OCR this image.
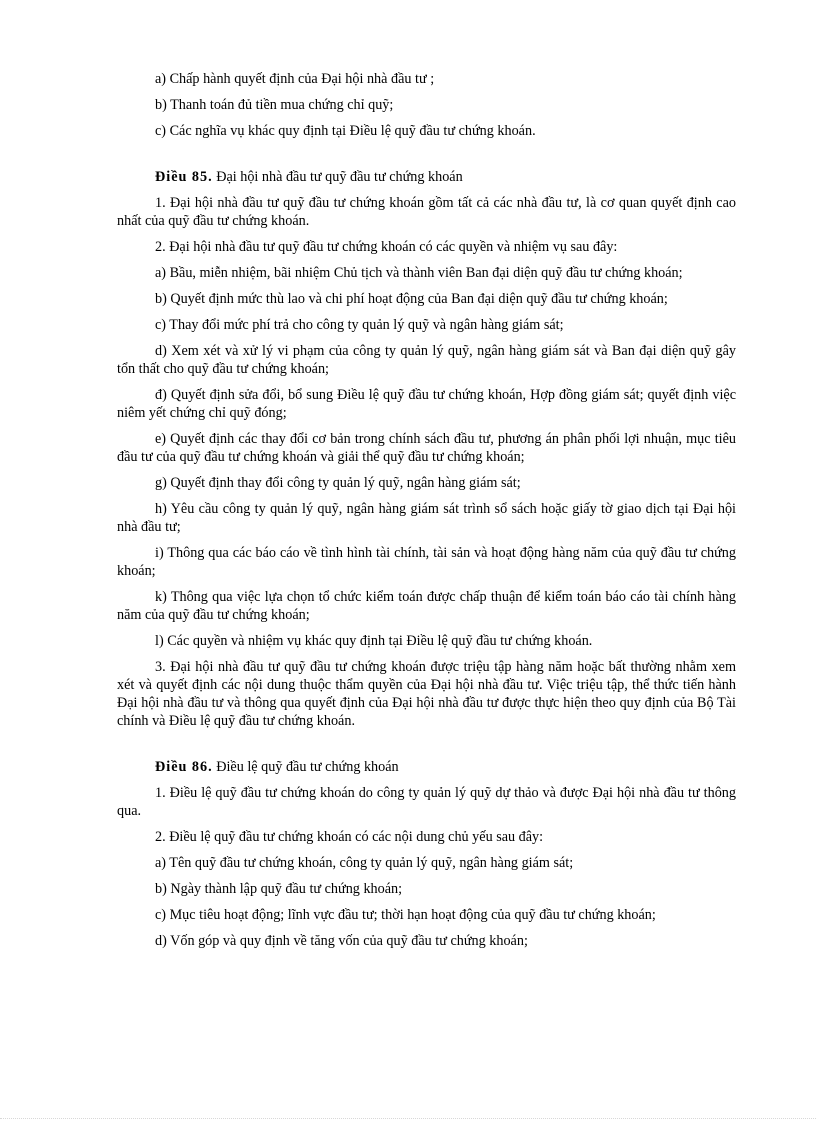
a) Chấp hành quyết định của Đại hội nhà đầu tư ;

b) Thanh toán đủ tiền mua chứng chỉ quỹ;

c) Các nghĩa vụ khác quy định tại Điều lệ quỹ đầu tư chứng khoán.

Điều 85. Đại hội nhà đầu tư quỹ đầu tư chứng khoán

1. Đại hội nhà đầu tư quỹ đầu tư chứng khoán gồm tất cả các nhà đầu tư, là cơ quan quyết định cao nhất của quỹ đầu tư chứng khoán.

2. Đại hội nhà đầu tư quỹ đầu tư chứng khoán có các quyền và nhiệm vụ sau đây:

a) Bầu, miễn nhiệm, bãi nhiệm Chủ tịch và thành viên Ban đại diện quỹ đầu tư chứng khoán;

b) Quyết định mức thù lao và chi phí hoạt động của Ban đại diện quỹ đầu tư chứng khoán;

c) Thay đổi mức phí trả cho công ty quản lý quỹ và ngân hàng giám sát;

d) Xem xét và xử lý vi phạm của công ty quản lý quỹ, ngân hàng giám sát và Ban đại diện quỹ gây tổn thất cho quỹ đầu tư chứng khoán;

đ) Quyết định sửa đổi, bổ sung Điều lệ quỹ đầu tư chứng khoán, Hợp đồng giám sát; quyết định việc niêm yết chứng chỉ quỹ đóng;

e) Quyết định các thay đổi cơ bản trong chính sách đầu tư, phương án phân phối lợi nhuận, mục tiêu đầu tư của quỹ đầu tư chứng khoán và giải thể quỹ đầu tư chứng khoán;

g) Quyết định thay đổi công ty quản lý quỹ, ngân hàng giám sát;

h) Yêu cầu công ty quản lý quỹ, ngân hàng giám sát trình sổ sách hoặc giấy tờ giao dịch tại Đại hội nhà đầu tư;

i) Thông qua các báo cáo về tình hình tài chính, tài sản và hoạt động hàng năm của quỹ đầu tư chứng khoán;

k) Thông qua việc lựa chọn tổ chức kiểm toán được chấp thuận để kiểm toán báo cáo tài chính hàng năm của quỹ đầu tư chứng khoán;

l) Các quyền và nhiệm vụ khác quy định tại Điều lệ quỹ đầu tư chứng khoán.

3. Đại hội nhà đầu tư quỹ đầu tư chứng khoán được triệu tập hàng năm hoặc bất thường nhằm xem xét và quyết định các nội dung thuộc thẩm quyền của Đại hội nhà đầu tư. Việc triệu tập, thể thức tiến hành Đại hội nhà đầu tư và thông qua quyết định của Đại hội nhà đầu tư được thực hiện theo quy định của Bộ Tài chính và Điều lệ quỹ đầu tư chứng khoán.

Điều 86. Điều lệ quỹ đầu tư chứng khoán

1. Điều lệ quỹ đầu tư chứng khoán do công ty quản lý quỹ dự thảo và được Đại hội nhà đầu tư thông qua.

2. Điều lệ quỹ đầu tư chứng khoán có các nội dung chủ yếu sau đây:

a) Tên quỹ đầu tư chứng khoán, công ty quản lý quỹ, ngân hàng giám sát;

b) Ngày thành lập quỹ đầu tư chứng khoán;

c) Mục tiêu hoạt động; lĩnh vực đầu tư; thời hạn hoạt động của quỹ đầu tư chứng khoán;

d) Vốn góp và quy định về tăng vốn của quỹ đầu tư chứng khoán;
